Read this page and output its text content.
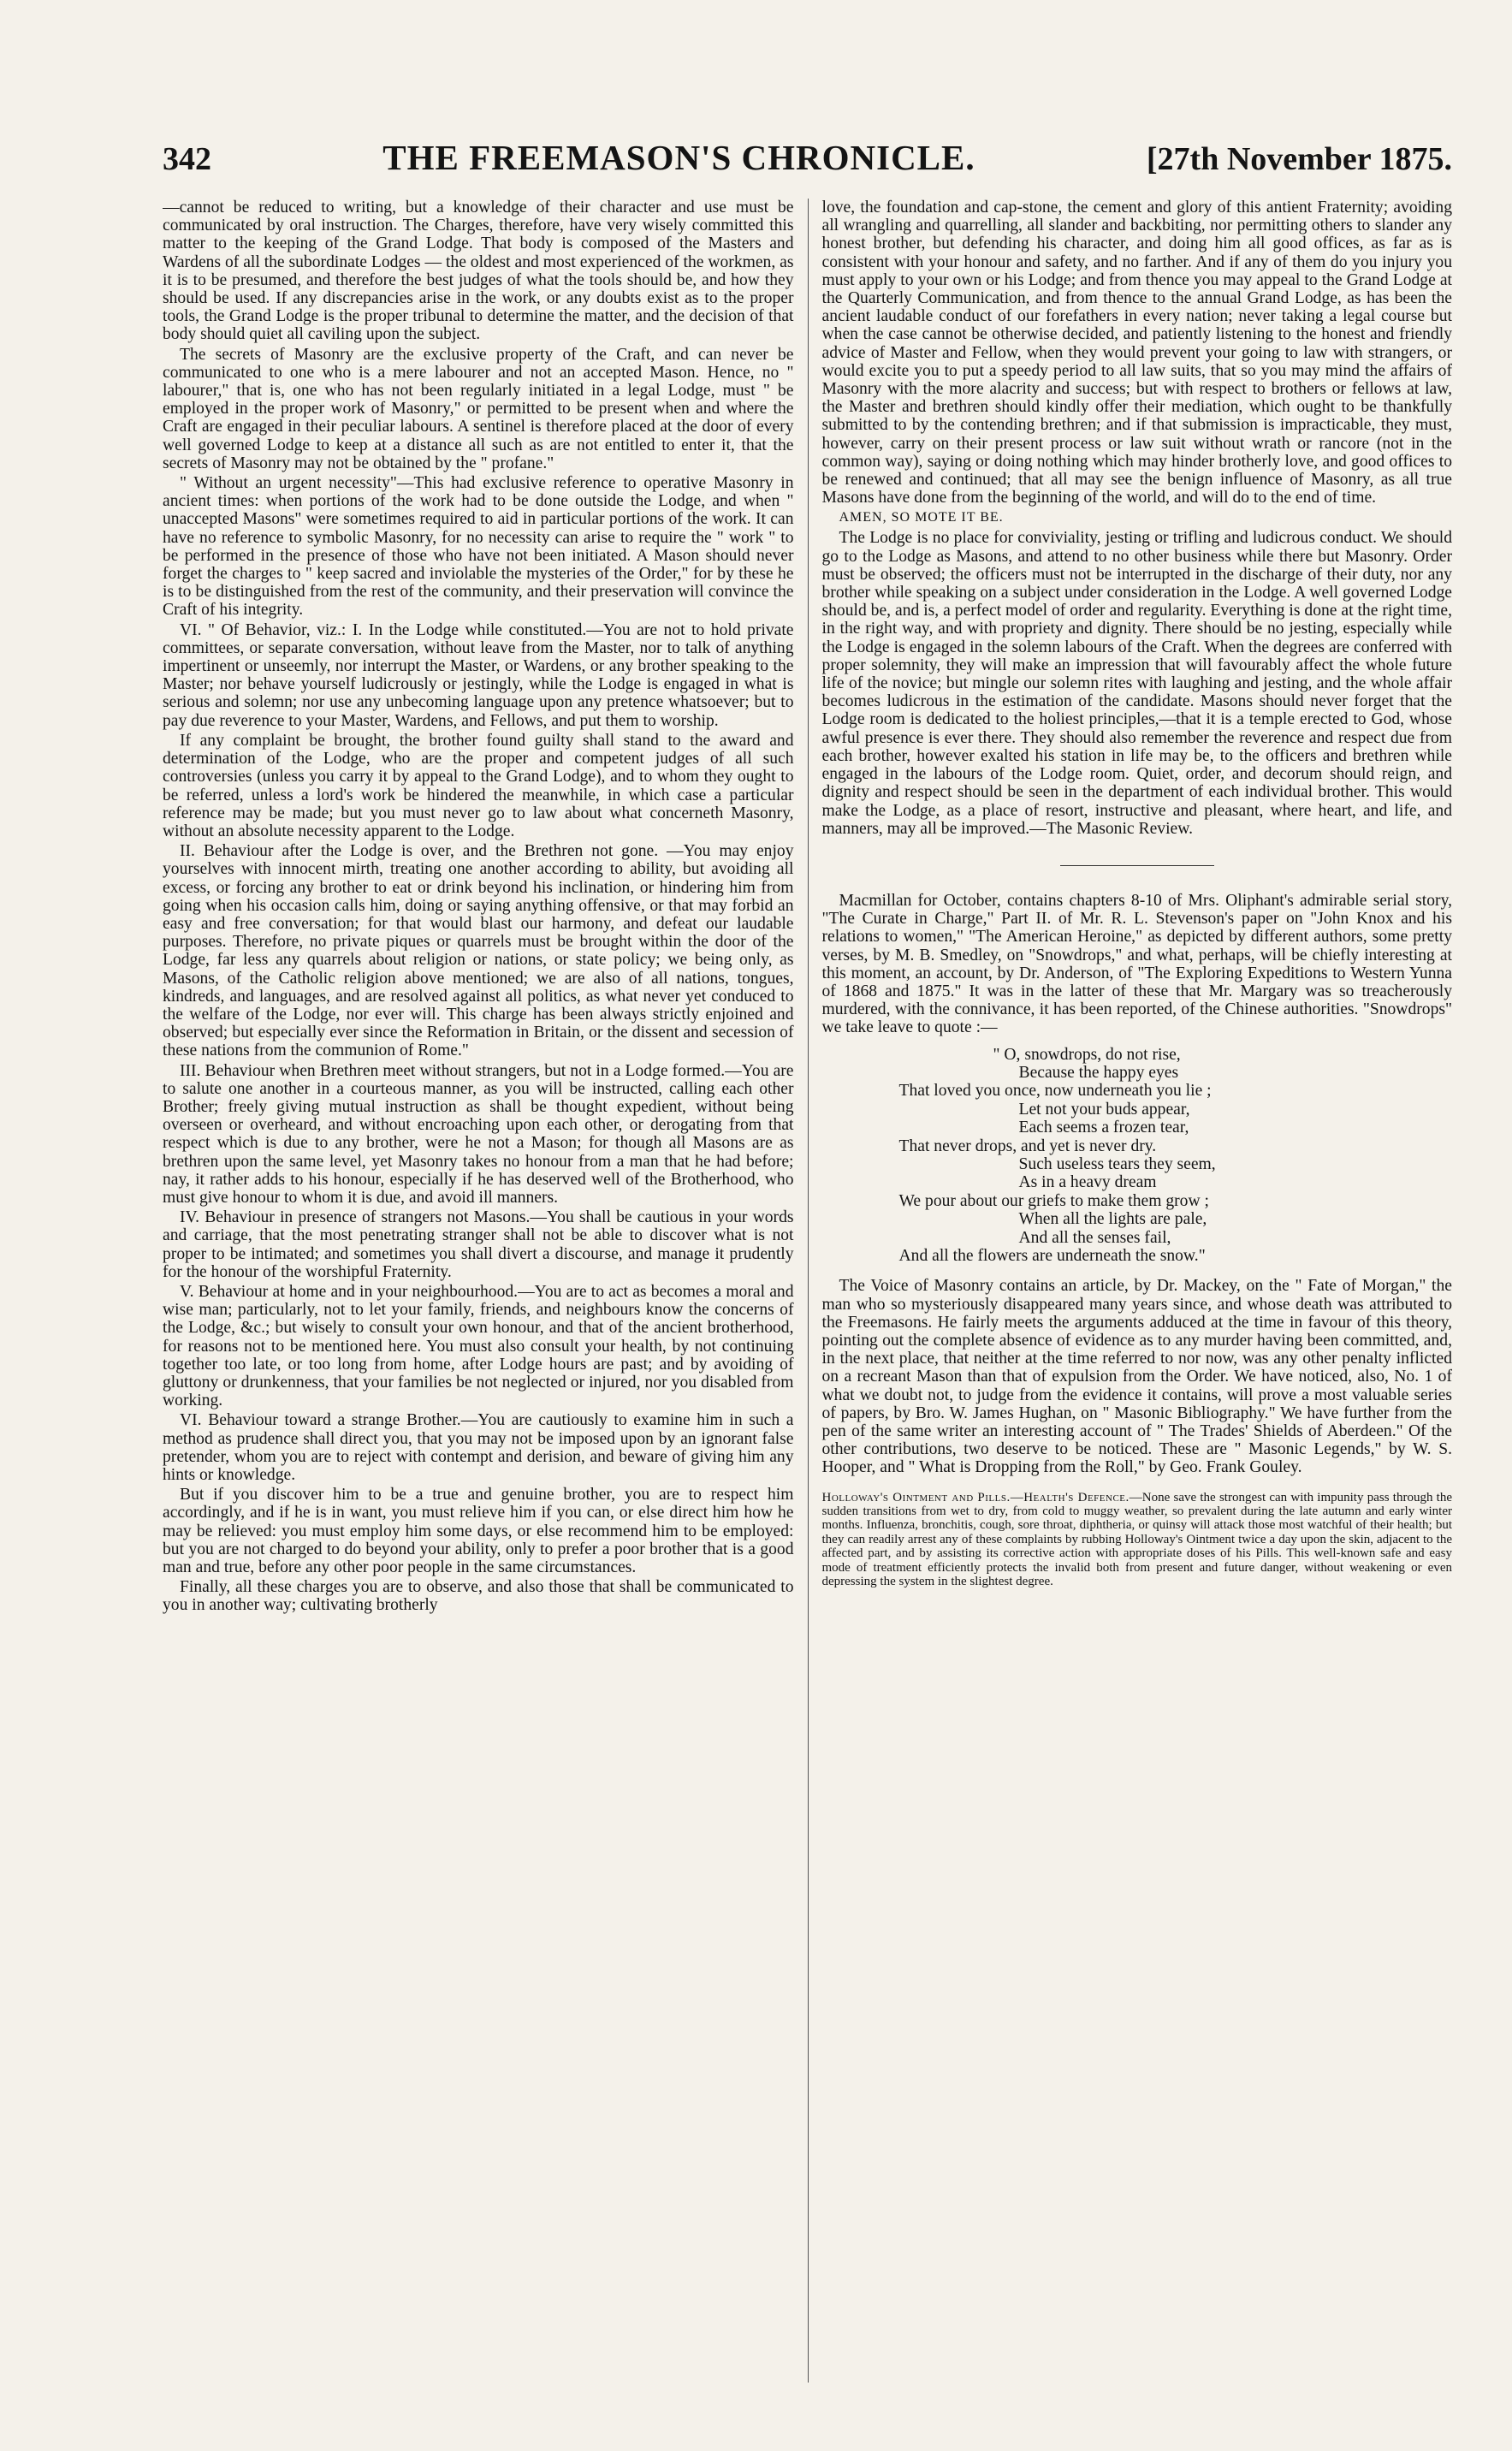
342	THE FREEMASON'S CHRONICLE.	[27th November 1875.

—cannot be reduced to writing, but a knowledge of their character and use must be communicated by oral instruction. The Charges, therefore, have very wisely committed this matter to the keeping of the Grand Lodge. That body is composed of the Masters and Wardens of all the subordinate Lodges — the oldest and most experienced of the workmen, as it is to be presumed, and therefore the best judges of what the tools should be, and how they should be used. If any discrepancies arise in the work, or any doubts exist as to the proper tools, the Grand Lodge is the proper tribunal to determine the matter, and the decision of that body should quiet all caviling upon the subject.

The secrets of Masonry are the exclusive property of the Craft, and can never be communicated to one who is a mere labourer and not an accepted Mason. Hence, no " labourer," that is, one who has not been regularly initiated in a legal Lodge, must " be employed in the proper work of Masonry," or permitted to be present when and where the Craft are engaged in their peculiar labours. A sentinel is therefore placed at the door of every well governed Lodge to keep at a distance all such as are not entitled to enter it, that the secrets of Masonry may not be obtained by the " profane."

" Without an urgent necessity"—This had exclusive reference to operative Masonry in ancient times: when portions of the work had to be done outside the Lodge, and when " unaccepted Masons" were sometimes required to aid in particular portions of the work. It can have no reference to symbolic Masonry, for no necessity can arise to require the " work " to be performed in the presence of those who have not been initiated. A Mason should never forget the charges to " keep sacred and inviolable the mysteries of the Order," for by these he is to be distinguished from the rest of the community, and their preservation will convince the Craft of his integrity.

VI. " Of Behavior, viz.: I. In the Lodge while constituted.—You are not to hold private committees, or separate conversation, without leave from the Master, nor to talk of anything impertinent or unseemly, nor interrupt the Master, or Wardens, or any brother speaking to the Master; nor behave yourself ludicrously or jestingly, while the Lodge is engaged in what is serious and solemn; nor use any unbecoming language upon any pretence whatsoever; but to pay due reverence to your Master, Wardens, and Fellows, and put them to worship.

If any complaint be brought, the brother found guilty shall stand to the award and determination of the Lodge, who are the proper and competent judges of all such controversies (unless you carry it by appeal to the Grand Lodge), and to whom they ought to be referred, unless a lord's work be hindered the meanwhile, in which case a particular reference may be made; but you must never go to law about what concerneth Masonry, without an absolute necessity apparent to the Lodge.

II. Behaviour after the Lodge is over, and the Brethren not gone. —You may enjoy yourselves with innocent mirth, treating one another according to ability, but avoiding all excess, or forcing any brother to eat or drink beyond his inclination, or hindering him from going when his occasion calls him, doing or saying anything offensive, or that may forbid an easy and free conversation; for that would blast our harmony, and defeat our laudable purposes. Therefore, no private piques or quarrels must be brought within the door of the Lodge, far less any quarrels about religion or nations, or state policy; we being only, as Masons, of the Catholic religion above mentioned; we are also of all nations, tongues, kindreds, and languages, and are resolved against all politics, as what never yet conduced to the welfare of the Lodge, nor ever will. This charge has been always strictly enjoined and observed; but especially ever since the Reformation in Britain, or the dissent and secession of these nations from the communion of Rome."

III. Behaviour when Brethren meet without strangers, but not in a Lodge formed.—You are to salute one another in a courteous manner, as you will be instructed, calling each other Brother; freely giving mutual instruction as shall be thought expedient, without being overseen or overheard, and without encroaching upon each other, or derogating from that respect which is due to any brother, were he not a Mason; for though all Masons are as brethren upon the same level, yet Masonry takes no honour from a man that he had before; nay, it rather adds to his honour, especially if he has deserved well of the Brotherhood, who must give honour to whom it is due, and avoid ill manners.

IV. Behaviour in presence of strangers not Masons.—You shall be cautious in your words and carriage, that the most penetrating stranger shall not be able to discover what is not proper to be intimated; and sometimes you shall divert a discourse, and manage it prudently for the honour of the worshipful Fraternity.

V. Behaviour at home and in your neighbourhood.—You are to act as becomes a moral and wise man; particularly, not to let your family, friends, and neighbours know the concerns of the Lodge, &c.; but wisely to consult your own honour, and that of the ancient brotherhood, for reasons not to be mentioned here. You must also consult your health, by not continuing together too late, or too long from home, after Lodge hours are past; and by avoiding of gluttony or drunkenness, that your families be not neglected or injured, nor you disabled from working.

VI. Behaviour toward a strange Brother.—You are cautiously to examine him in such a method as prudence shall direct you, that you may not be imposed upon by an ignorant false pretender, whom you are to reject with contempt and derision, and beware of giving him any hints or knowledge.

But if you discover him to be a true and genuine brother, you are to respect him accordingly, and if he is in want, you must relieve him if you can, or else direct him how he may be relieved: you must employ him some days, or else recommend him to be employed: but you are not charged to do beyond your ability, only to prefer a poor brother that is a good man and true, before any other poor people in the same circumstances.

Finally, all these charges you are to observe, and also those that shall be communicated to you in another way; cultivating brotherly

love, the foundation and cap-stone, the cement and glory of this antient Fraternity; avoiding all wrangling and quarrelling, all slander and backbiting, nor permitting others to slander any honest brother, but defending his character, and doing him all good offices, as far as is consistent with your honour and safety, and no farther. And if any of them do you injury you must apply to your own or his Lodge; and from thence you may appeal to the Grand Lodge at the Quarterly Communication, and from thence to the annual Grand Lodge, as has been the ancient laudable conduct of our forefathers in every nation; never taking a legal course but when the case cannot be otherwise decided, and patiently listening to the honest and friendly advice of Master and Fellow, when they would prevent your going to law with strangers, or would excite you to put a speedy period to all law suits, that so you may mind the affairs of Masonry with the more alacrity and success; but with respect to brothers or fellows at law, the Master and brethren should kindly offer their mediation, which ought to be thankfully submitted to by the contending brethren; and if that submission is impracticable, they must, however, carry on their present process or law suit without wrath or rancore (not in the common way), saying or doing nothing which may hinder brotherly love, and good offices to be renewed and continued; that all may see the benign influence of Masonry, as all true Masons have done from the beginning of the world, and will do to the end of time.

AMEN, SO MOTE IT BE.

The Lodge is no place for conviviality, jesting or trifling and ludicrous conduct. We should go to the Lodge as Masons, and attend to no other business while there but Masonry. Order must be observed; the officers must not be interrupted in the discharge of their duty, nor any brother while speaking on a subject under consideration in the Lodge. A well governed Lodge should be, and is, a perfect model of order and regularity. Everything is done at the right time, in the right way, and with propriety and dignity. There should be no jesting, especially while the Lodge is engaged in the solemn labours of the Craft. When the degrees are conferred with proper solemnity, they will make an impression that will favourably affect the whole future life of the novice; but mingle our solemn rites with laughing and jesting, and the whole affair becomes ludicrous in the estimation of the candidate. Masons should never forget that the Lodge room is dedicated to the holiest principles,—that it is a temple erected to God, whose awful presence is ever there. They should also remember the reverence and respect due from each brother, however exalted his station in life may be, to the officers and brethren while engaged in the labours of the Lodge room. Quiet, order, and decorum should reign, and dignity and respect should be seen in the department of each individual brother. This would make the Lodge, as a place of resort, instructive and pleasant, where heart, and life, and manners, may all be improved.—The Masonic Review.

Macmillan for October, contains chapters 8-10 of Mrs. Oliphant's admirable serial story, "The Curate in Charge," Part II. of Mr. R. L. Stevenson's paper on "John Knox and his relations to women," "The American Heroine," as depicted by different authors, some pretty verses, by M. B. Smedley, on "Snowdrops," and what, perhaps, will be chiefly interesting at this moment, an account, by Dr. Anderson, of "The Exploring Expeditions to Western Yunna of 1868 and 1875." It was in the latter of these that Mr. Margary was so treacherously murdered, with the connivance, it has been reported, of the Chinese authorities. "Snowdrops" we take leave to quote :—

" O, snowdrops, do not rise,
Because the happy eyes
That loved you once, now underneath you lie ;
Let not your buds appear,
Each seems a frozen tear,
That never drops, and yet is never dry.
Such useless tears they seem,
As in a heavy dream
We pour about our griefs to make them grow ;
When all the lights are pale,
And all the senses fail,
And all the flowers are underneath the snow."

The Voice of Masonry contains an article, by Dr. Mackey, on the " Fate of Morgan," the man who so mysteriously disappeared many years since, and whose death was attributed to the Freemasons. He fairly meets the arguments adduced at the time in favour of this theory, pointing out the complete absence of evidence as to any murder having been committed, and, in the next place, that neither at the time referred to nor now, was any other penalty inflicted on a recreant Mason than that of expulsion from the Order. We have noticed, also, No. 1 of what we doubt not, to judge from the evidence it contains, will prove a most valuable series of papers, by Bro. W. James Hughan, on " Masonic Bibliography." We have further from the pen of the same writer an interesting account of " The Trades' Shields of Aberdeen." Of the other contributions, two deserve to be noticed. These are " Masonic Legends," by W. S. Hooper, and " What is Dropping from the Roll," by Geo. Frank Gouley.

Holloway's Ointment and Pills.—Health's Defence.—None save the strongest can with impunity pass through the sudden transitions from wet to dry, from cold to muggy weather, so prevalent during the late autumn and early winter months. Influenza, bronchitis, cough, sore throat, diphtheria, or quinsy will attack those most watchful of their health; but they can readily arrest any of these complaints by rubbing Holloway's Ointment twice a day upon the skin, adjacent to the affected part, and by assisting its corrective action with appropriate doses of his Pills. This well-known safe and easy mode of treatment efficiently protects the invalid both from present and future danger, without weakening or even depressing the system in the slightest degree.
